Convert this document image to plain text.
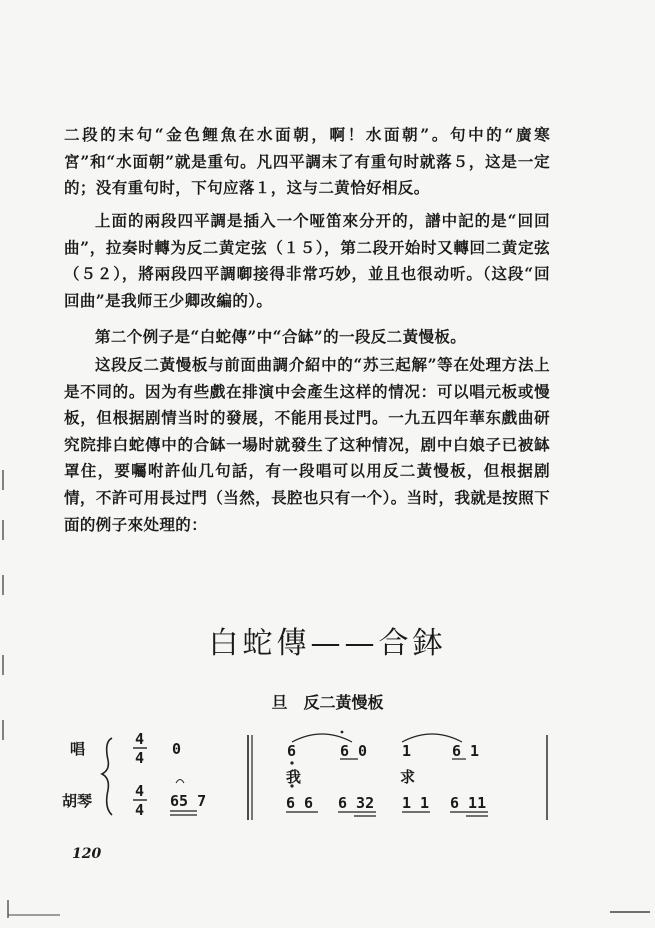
二段的末句“金色鲤魚在水面朝，啊！水面朝”。句中的“廣寒宮”和“水面朝”就是重句。凡四平調末了有重句时就落５，这是一定的；没有重句时，下句应落１，这与二黄恰好相反。

上面的兩段四平調是插入一个哑笛來分开的，譜中記的是“回回曲”，拉奏时轉为反二黄定弦（１５），第二段开始时又轉回二黄定弦（５２），將兩段四平調啣接得非常巧妙，並且也很动听。（这段“回回曲”是我师王少卿改編的）。

第二个例子是“白蛇傳”中“合缽”的一段反二黃慢板。

这段反二黃慢板与前面曲調介紹中的“苏三起解”等在处理方法上是不同的。因为有些戲在排演中会產生这样的情况：可以唱元板或慢板，但根据剧情当时的發展，不能用長过門。一九五四年華东戲曲研究院排白蛇傳中的合缽一場时就發生了这种情况，剧中白娘子已被缽罩住，要囑咐許仙几句話，有一段唱可以用反二黃慢板，但根据剧情，不許可用長过門（当然，長腔也只有一个）。当时，我就是按照下面的例子來处理的：

白蛇傳——合鉢
旦　反二黃慢板
唱
胡琴
4
4
4
4
0
65 7
6	6 0 1	6 1
我	求
6 6 6 32 1 1 6 11
120
